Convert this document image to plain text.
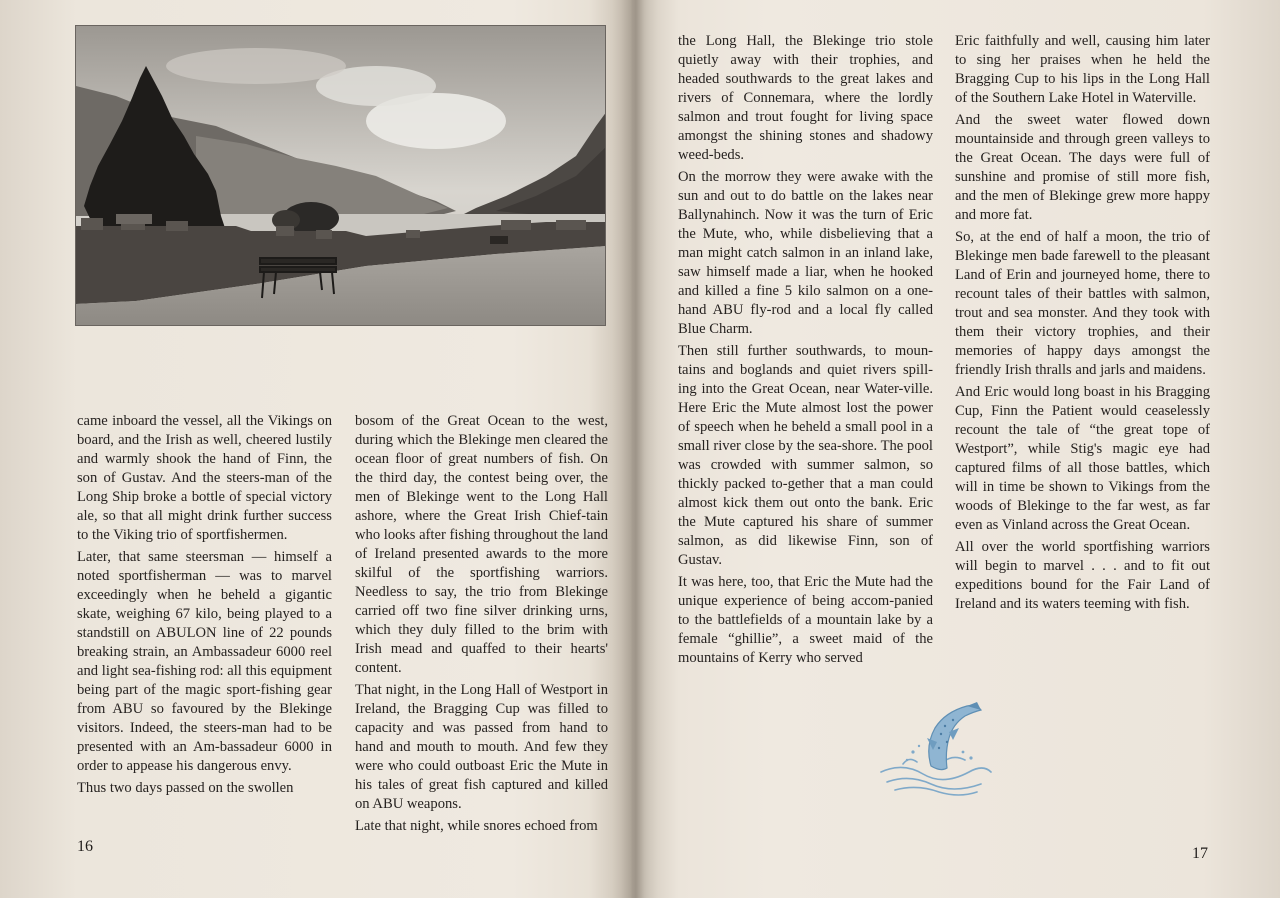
came inboard the vessel, all the Vikings on board, and the Irish as well, cheered lustily and warmly shook the hand of Finn, the son of Gustav. And the steers-man of the Long Ship broke a bottle of special victory ale, so that all might drink further success to the Viking trio of sportfishermen.

Later, that same steersman — himself a noted sportfisherman — was to marvel exceedingly when he beheld a gigantic skate, weighing 67 kilo, being played to a standstill on ABULON line of 22 pounds breaking strain, an Ambassadeur 6000 reel and light sea-fishing rod: all this equipment being part of the magic sport-fishing gear from ABU so favoured by the Blekinge visitors. Indeed, the steers-man had to be presented with an Am-bassadeur 6000 in order to appease his dangerous envy.

Thus two days passed on the swollen

bosom of the Great Ocean to the west, during which the Blekinge men cleared the ocean floor of great numbers of fish. On the third day, the contest being over, the men of Blekinge went to the Long Hall ashore, where the Great Irish Chief-tain who looks after fishing throughout the land of Ireland presented awards to the more skilful of the sportfishing warriors. Needless to say, the trio from Blekinge carried off two fine silver drinking urns, which they duly filled to the brim with Irish mead and quaffed to their hearts' content.

That night, in the Long Hall of Westport in Ireland, the Bragging Cup was filled to capacity and was passed from hand to hand and mouth to mouth. And few they were who could outboast Eric the Mute in his tales of great fish captured and killed on ABU weapons.

Late that night, while snores echoed from

16

the Long Hall, the Blekinge trio stole quietly away with their trophies, and headed southwards to the great lakes and rivers of Connemara, where the lordly salmon and trout fought for living space amongst the shining stones and shadowy weed-beds.

On the morrow they were awake with the sun and out to do battle on the lakes near Ballynahinch. Now it was the turn of Eric the Mute, who, while disbelieving that a man might catch salmon in an inland lake, saw himself made a liar, when he hooked and killed a fine 5 kilo salmon on a one-hand ABU fly-rod and a local fly called Blue Charm.

Then still further southwards, to moun-tains and boglands and quiet rivers spill-ing into the Great Ocean, near Water-ville. Here Eric the Mute almost lost the power of speech when he beheld a small pool in a small river close by the sea-shore. The pool was crowded with summer salmon, so thickly packed to-gether that a man could almost kick them out onto the bank. Eric the Mute captured his share of summer salmon, as did likewise Finn, son of Gustav.

It was here, too, that Eric the Mute had the unique experience of being accom-panied to the battlefields of a mountain lake by a female “ghillie”, a sweet maid of the mountains of Kerry who served

Eric faithfully and well, causing him later to sing her praises when he held the Bragging Cup to his lips in the Long Hall of the Southern Lake Hotel in Waterville.

And the sweet water flowed down mountainside and through green valleys to the Great Ocean. The days were full of sunshine and promise of still more fish, and the men of Blekinge grew more happy and more fat.

So, at the end of half a moon, the trio of Blekinge men bade farewell to the pleasant Land of Erin and journeyed home, there to recount tales of their battles with salmon, trout and sea monster. And they took with them their victory trophies, and their memories of happy days amongst the friendly Irish thralls and jarls and maidens.

And Eric would long boast in his Bragging Cup, Finn the Patient would ceaselessly recount the tale of “the great tope of Westport”, while Stig's magic eye had captured films of all those battles, which will in time be shown to Vikings from the woods of Blekinge to the far west, as far even as Vinland across the Great Ocean.

All over the world sportfishing warriors will begin to marvel . . . and to fit out expeditions bound for the Fair Land of Ireland and its waters teeming with fish.

17
